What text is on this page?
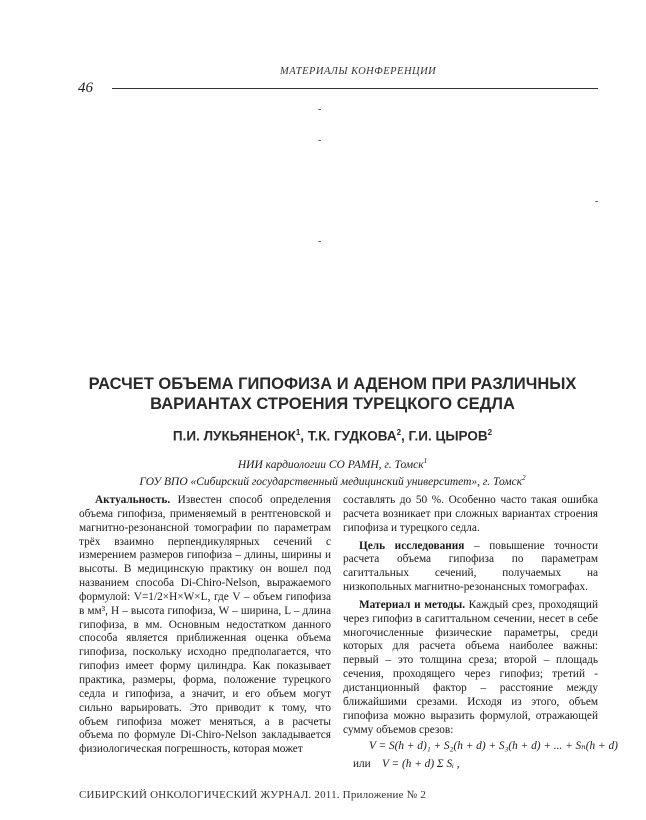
МАТЕРИАЛЫ КОНФЕРЕНЦИИ
46
-
-
-
-
РАСЧЕТ ОБЪЕМА ГИПОФИЗА И АДЕНОМ ПРИ РАЗЛИЧНЫХ
ВАРИАНТАХ СТРОЕНИЯ ТУРЕЦКОГО СЕДЛА
П.И. ЛУКЬЯНЕНОК$^1$, Т.К. ГУДКОВА$^2$, Г.И. ЦЫРОВ$^2$
НИИ кардиологии СО РАМН, г. Томск$^1$
ГОУ ВПО «Сибирский государственный медицинский университет», г. Томск$^2$

Актуальность. Известен способ определения объема гипофиза, применяемый в рентгеновской и магнитно-резонансной томографии по параметрам трёх взаимно перпендикулярных сечений с измерением размеров гипофиза – длины, ширины и высоты. В медицинскую практику он вошел под названием способа Di-Chiro-Nelson, выражаемого формулой: V=1/2×H×W×L, где V – объем гипофиза в мм³, H – высота гипофиза, W – ширина, L – длина гипофиза, в мм. Основным недостатком данного способа является приближенная оценка объема гипофиза, поскольку исходно предполагается, что гипофиз имеет форму цилиндра. Как показывает практика, размеры, форма, положение турецкого седла и гипофиза, а значит, и его объем могут сильно варьировать. Это приводит к тому, что объем гипофиза может меняться, а в расчеты объема по формуле Di-Chiro-Nelson закладывается физиологическая погрешность, которая может

составлять до 50 %. Особенно часто такая ошибка расчета возникает при сложных вариантах строения гипофиза и турецкого седла.

Цель исследования – повышение точности расчета объема гипофиза по параметрам сагиттальных сечений, получаемых на низкопольных магнитно-резонансных томографах.

Материал и методы. Каждый срез, проходящий через гипофиз в сагиттальном сечении, несет в себе многочисленные физические параметры, среди которых для расчета объема наиболее важны: первый – это толщина среза; второй – площадь сечения, проходящего через гипофиз; третий - дистанционный фактор – расстояние между ближайшими срезами. Исходя из этого, объем гипофиза можно выразить формулой, отражающей сумму объемов срезов:

V = S(h + d)₁ + S₂(h + d) + S₃(h + d) + ... + Sₙ(h + d)
или V = (h + d) Σ Sᵢ ,
СИБИРСКИЙ ОНКОЛОГИЧЕСКИЙ ЖУРНАЛ. 2011. Приложение № 2
